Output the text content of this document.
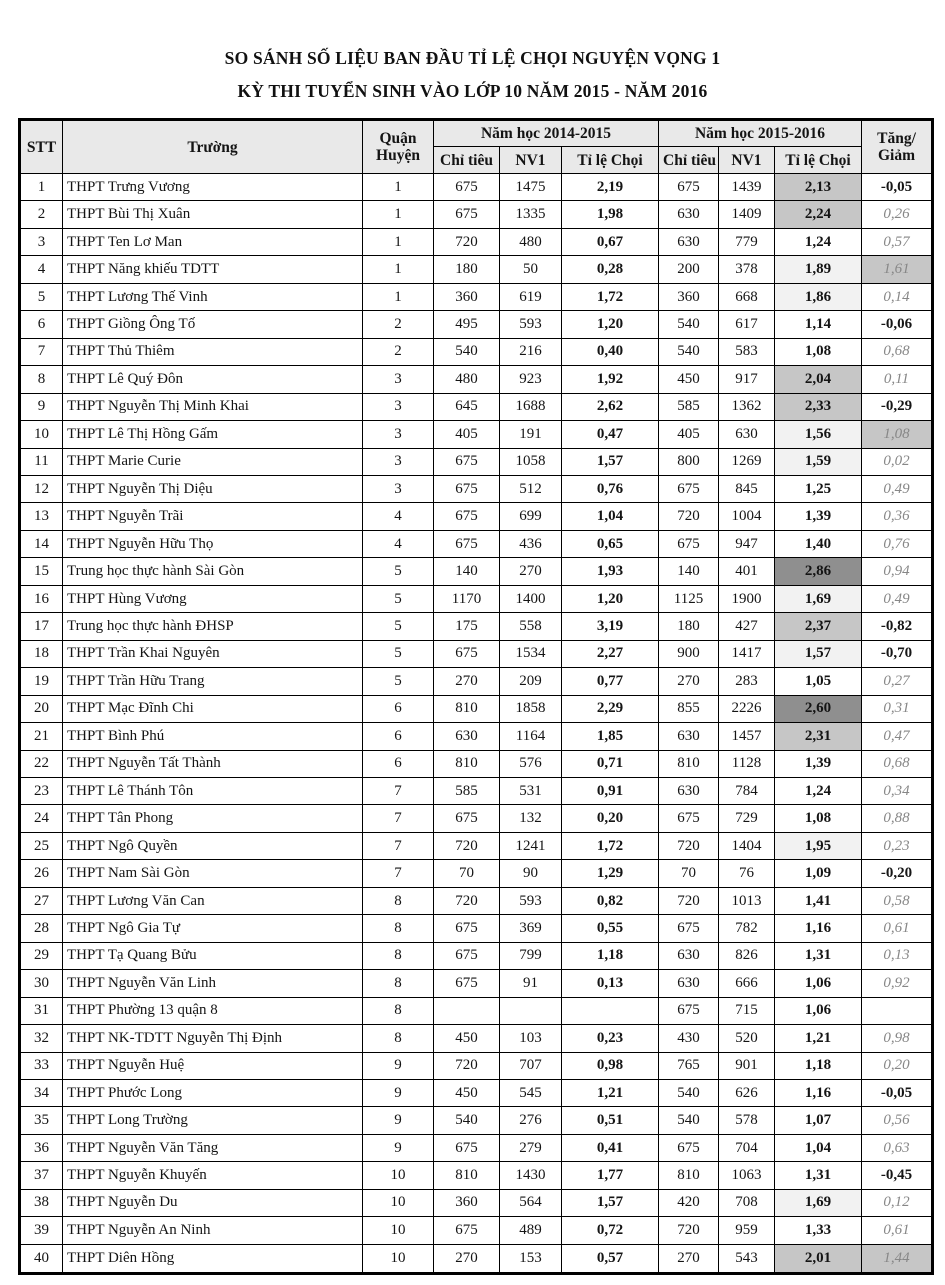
SO SÁNH SỐ LIỆU BAN ĐẦU TỈ LỆ CHỌI NGUYỆN VỌNG 1
KỲ THI TUYỂN SINH VÀO LỚP 10 NĂM 2015 - NĂM 2016
STT	Trường	Quận
Huyện
	Năm học 2014-2015	Năm học 2015-2016	Tăng/
Giảm

			Chỉ tiêu	NV1	Tỉ lệ Chọi	Chỉ tiêu	NV1	Tỉ lệ Chọi	
1	THPT Trưng Vương	1	675	1475	2,19	675	1439	2,13	-0,05
2	THPT Bùi Thị Xuân	1	675	1335	1,98	630	1409	2,24	0,26
3	THPT Ten Lơ Man	1	720	480	0,67	630	779	1,24	0,57
4	THPT Năng khiếu TDTT	1	180	50	0,28	200	378	1,89	1,61
5	THPT Lương Thế Vinh	1	360	619	1,72	360	668	1,86	0,14
6	THPT Giồng Ông Tố	2	495	593	1,20	540	617	1,14	-0,06
7	THPT Thủ Thiêm	2	540	216	0,40	540	583	1,08	0,68
8	THPT Lê Quý Đôn	3	480	923	1,92	450	917	2,04	0,11
9	THPT Nguyễn Thị Minh Khai	3	645	1688	2,62	585	1362	2,33	-0,29
10	THPT Lê Thị Hồng Gấm	3	405	191	0,47	405	630	1,56	1,08
11	THPT Marie Curie	3	675	1058	1,57	800	1269	1,59	0,02
12	THPT Nguyễn Thị Diệu	3	675	512	0,76	675	845	1,25	0,49
13	THPT Nguyễn Trãi	4	675	699	1,04	720	1004	1,39	0,36
14	THPT Nguyễn Hữu Thọ	4	675	436	0,65	675	947	1,40	0,76
15	Trung học thực hành Sài Gòn	5	140	270	1,93	140	401	2,86	0,94
16	THPT Hùng Vương	5	1170	1400	1,20	1125	1900	1,69	0,49
17	Trung học thực hành ĐHSP	5	175	558	3,19	180	427	2,37	-0,82
18	THPT Trần Khai Nguyên	5	675	1534	2,27	900	1417	1,57	-0,70
19	THPT Trần Hữu Trang	5	270	209	0,77	270	283	1,05	0,27
20	THPT Mạc Đĩnh Chi	6	810	1858	2,29	855	2226	2,60	0,31
21	THPT Bình Phú	6	630	1164	1,85	630	1457	2,31	0,47
22	THPT Nguyễn Tất Thành	6	810	576	0,71	810	1128	1,39	0,68
23	THPT Lê Thánh Tôn	7	585	531	0,91	630	784	1,24	0,34
24	THPT Tân Phong	7	675	132	0,20	675	729	1,08	0,88
25	THPT Ngô Quyền	7	720	1241	1,72	720	1404	1,95	0,23
26	THPT Nam Sài Gòn	7	70	90	1,29	70	76	1,09	-0,20
27	THPT Lương Văn Can	8	720	593	0,82	720	1013	1,41	0,58
28	THPT Ngô Gia Tự	8	675	369	0,55	675	782	1,16	0,61
29	THPT Tạ Quang Bửu	8	675	799	1,18	630	826	1,31	0,13
30	THPT Nguyễn Văn Linh	8	675	91	0,13	630	666	1,06	0,92
31	THPT Phường 13 quận 8	8				675	715	1,06	
32	THPT NK-TDTT Nguyễn Thị Định	8	450	103	0,23	430	520	1,21	0,98
33	THPT Nguyễn Huệ	9	720	707	0,98	765	901	1,18	0,20
34	THPT Phước Long	9	450	545	1,21	540	626	1,16	-0,05
35	THPT Long Trường	9	540	276	0,51	540	578	1,07	0,56
36	THPT Nguyễn Văn Tăng	9	675	279	0,41	675	704	1,04	0,63
37	THPT Nguyễn Khuyến	10	810	1430	1,77	810	1063	1,31	-0,45
38	THPT Nguyễn Du	10	360	564	1,57	420	708	1,69	0,12
39	THPT Nguyễn An Ninh	10	675	489	0,72	720	959	1,33	0,61
40	THPT Diên Hồng	10	270	153	0,57	270	543	2,01	1,44
